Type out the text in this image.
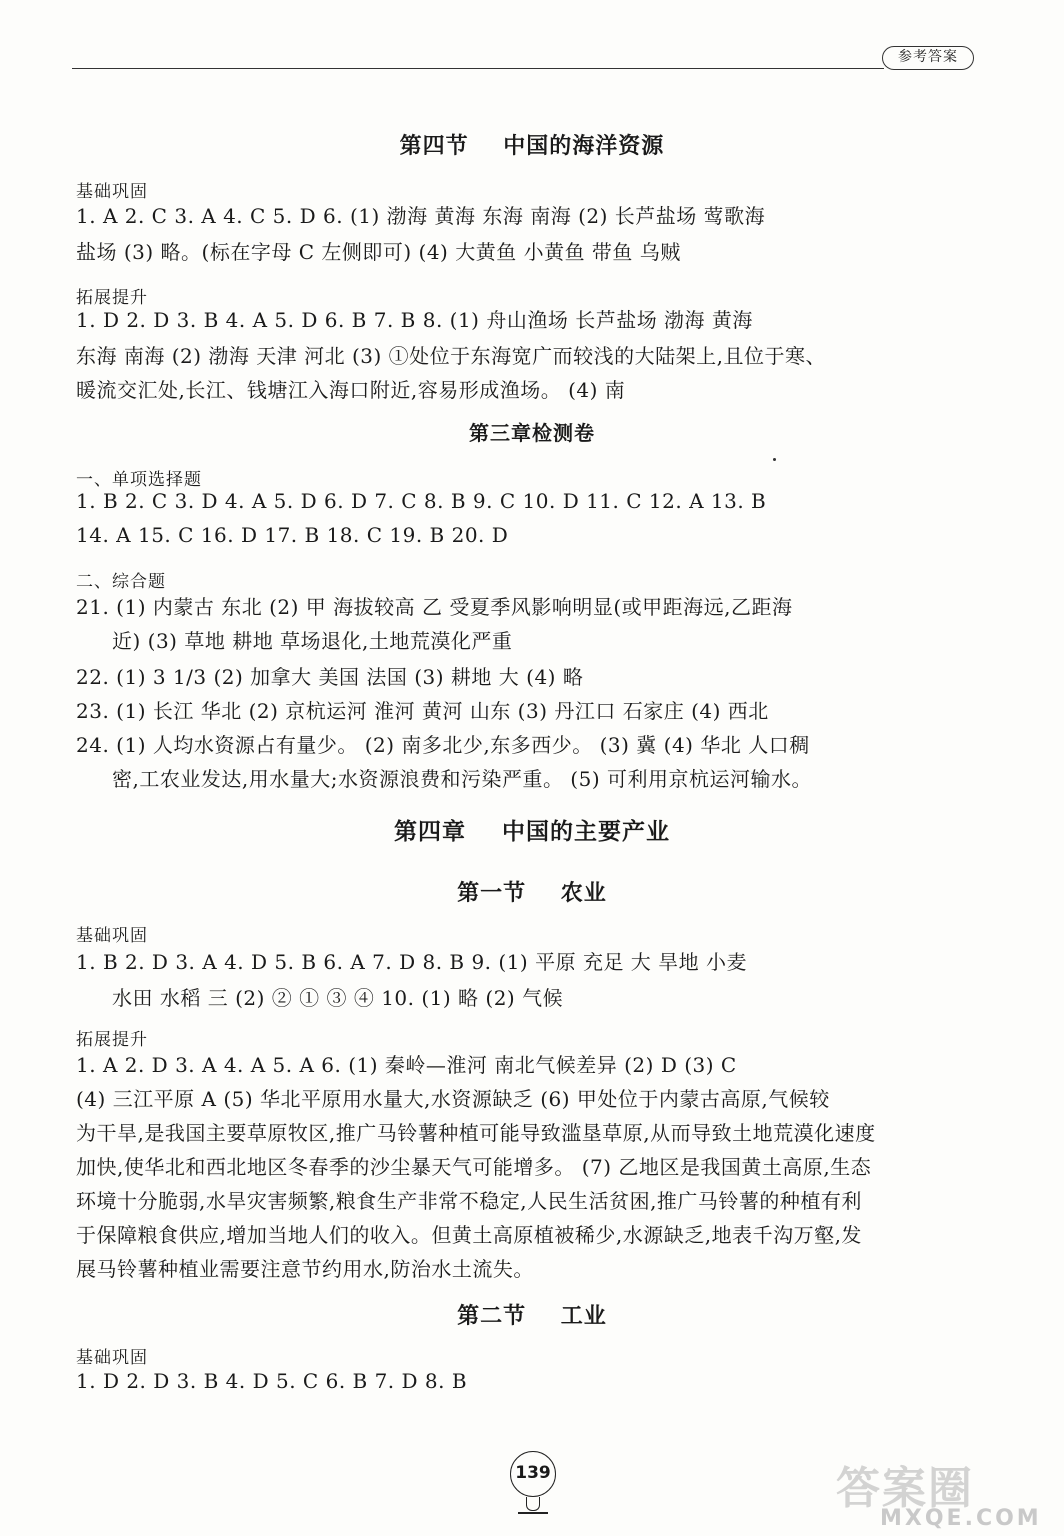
参考答案
第四节    中国的海洋资源
基础巩固
1. A 2. C 3. A 4. C 5. D 6. (1) 渤海 黄海 东海 南海 (2) 长芦盐场 莺歌海
盐场 (3) 略。(标在字母 C 左侧即可) (4) 大黄鱼 小黄鱼 带鱼 乌贼
拓展提升
1. D 2. D 3. B 4. A 5. D 6. B 7. B 8. (1) 舟山渔场 长芦盐场 渤海 黄海
东海 南海 (2) 渤海 天津 河北 (3) ①处位于东海宽广而较浅的大陆架上,且位于寒、
暖流交汇处,长江、钱塘江入海口附近,容易形成渔场。 (4) 南
第三章检测卷
一、单项选择题
1. B 2. C 3. D 4. A 5. D 6. D 7. C 8. B 9. C 10. D 11. C 12. A 13. B
14. A 15. C 16. D 17. B 18. C 19. B 20. D
二、综合题
21. (1) 内蒙古 东北 (2) 甲 海拔较高 乙 受夏季风影响明显(或甲距海远,乙距海
近) (3) 草地 耕地 草场退化,土地荒漠化严重
22. (1) 3 1/3 (2) 加拿大 美国 法国 (3) 耕地 大 (4) 略
23. (1) 长江 华北 (2) 京杭运河 淮河 黄河 山东 (3) 丹江口 石家庄 (4) 西北
24. (1) 人均水资源占有量少。 (2) 南多北少,东多西少。 (3) 冀 (4) 华北 人口稠
密,工农业发达,用水量大;水资源浪费和污染严重。 (5) 可利用京杭运河输水。
第四章    中国的主要产业
第一节    农业
基础巩固
1. B 2. D 3. A 4. D 5. B 6. A 7. D 8. B 9. (1) 平原 充足 大 旱地 小麦
水田 水稻 三 (2) ② ① ③ ④ 10. (1) 略 (2) 气候
拓展提升
1. A 2. D 3. A 4. A 5. A 6. (1) 秦岭—淮河 南北气候差异 (2) D (3) C
(4) 三江平原 A (5) 华北平原用水量大,水资源缺乏 (6) 甲处位于内蒙古高原,气候较
为干旱,是我国主要草原牧区,推广马铃薯种植可能导致滥垦草原,从而导致土地荒漠化速度
加快,使华北和西北地区冬春季的沙尘暴天气可能增多。 (7) 乙地区是我国黄土高原,生态
环境十分脆弱,水旱灾害频繁,粮食生产非常不稳定,人民生活贫困,推广马铃薯的种植有利
于保障粮食供应,增加当地人们的收入。但黄土高原植被稀少,水源缺乏,地表千沟万壑,发
展马铃薯种植业需要注意节约用水,防治水土流失。
第二节    工业
基础巩固
1. D 2. D 3. B 4. D 5. C 6. B 7. D 8. B
139	答案圈
MXQE.COM
